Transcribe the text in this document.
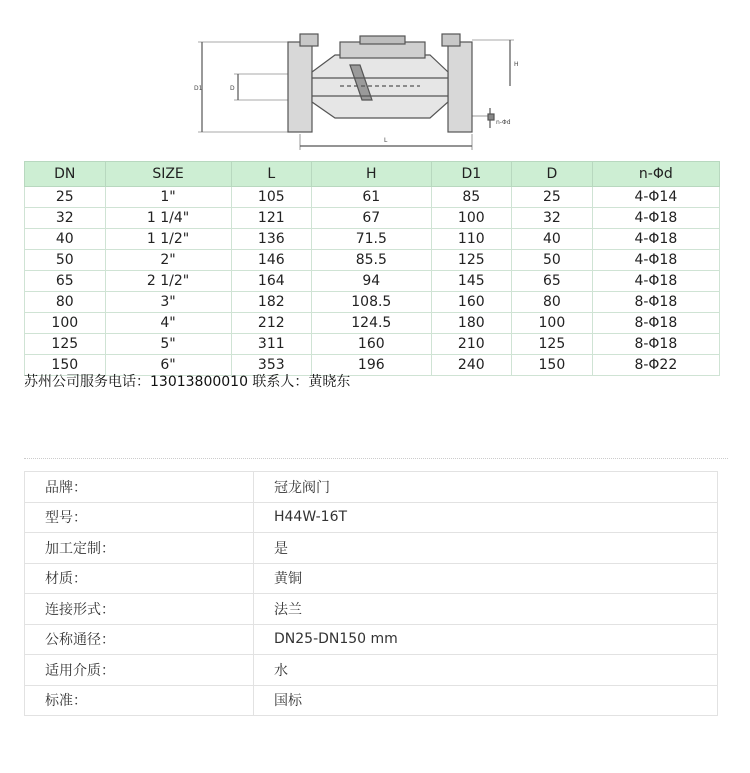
D1	D
H
L
n-Φd
DN	SIZE	L	H	D1	D	n-Φd
25	1"	105	61	85	25	4-Φ14
32	1 1/4"	121	67	100	32	4-Φ18
40	1 1/2"	136	71.5	110	40	4-Φ18
50	2"	146	85.5	125	50	4-Φ18
65	2 1/2"	164	94	145	65	4-Φ18
80	3"	182	108.5	160	80	8-Φ18
100	4"	212	124.5	180	100	8-Φ18
125	5"	311	160	210	125	8-Φ18
150	6"	353	196	240	150	8-Φ22
苏州公司服务电话：13013800010 联系人：黄晓东
品牌：	冠龙阀门
型号：	H44W-16T
加工定制：	是
材质：	黄铜
连接形式：	法兰
公称通径：	DN25-DN150 mm
适用介质：	水
标准：	国标
